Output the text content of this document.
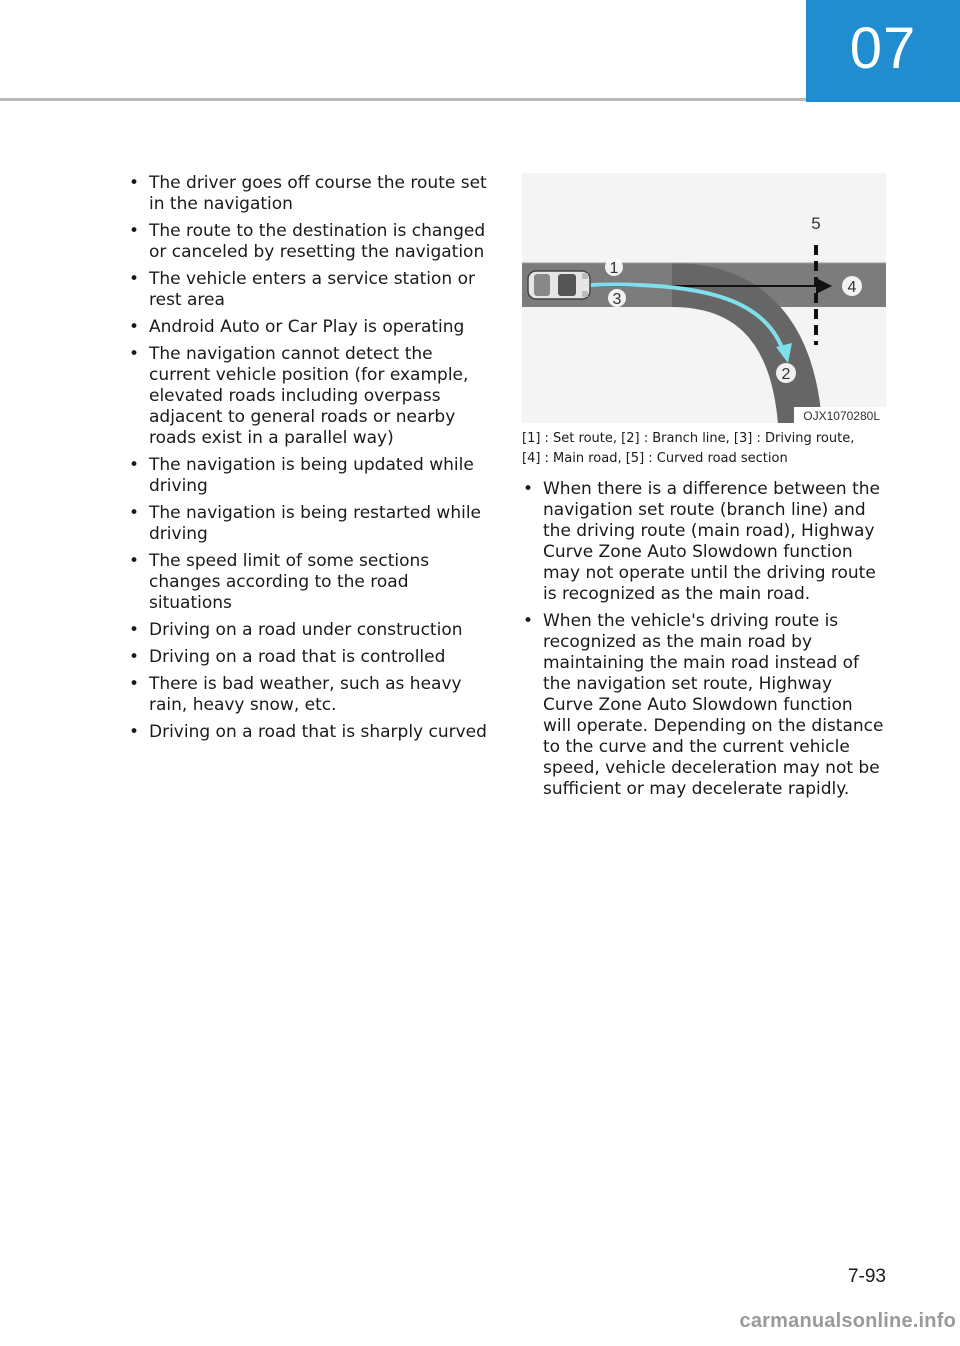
07
• The driver goes off course the route set in the navigation
• The route to the destination is changed or canceled by resetting the navigation
• The vehicle enters a service station or rest area
• Android Auto or Car Play is operating
• The navigation cannot detect the current vehicle position (for example, elevated roads including overpass adjacent to general roads or nearby roads exist in a parallel way)
• The navigation is being updated while driving
• The navigation is being restarted while driving
• The speed limit of some sections changes according to the road situations
• Driving on a road under construction
• Driving on a road that is controlled
• There is bad weather, such as heavy rain, heavy snow, etc.
• Driving on a road that is sharply curved
1
3
4
2
5
OJX1070280L
[1] : Set route, [2] : Branch line, [3] : Driving route,
[4] : Main road, [5] : Curved road section
• When there is a difference between the navigation set route (branch line) and the driving route (main road), Highway Curve Zone Auto Slowdown function may not operate until the driving route is recognized as the main road.
• When the vehicle's driving route is recognized as the main road by maintaining the main road instead of the navigation set route, Highway Curve Zone Auto Slowdown function will operate. Depending on the distance to the curve and the current vehicle speed, vehicle deceleration may not be sufficient or may decelerate rapidly.
7-93
carmanualsonline.info
